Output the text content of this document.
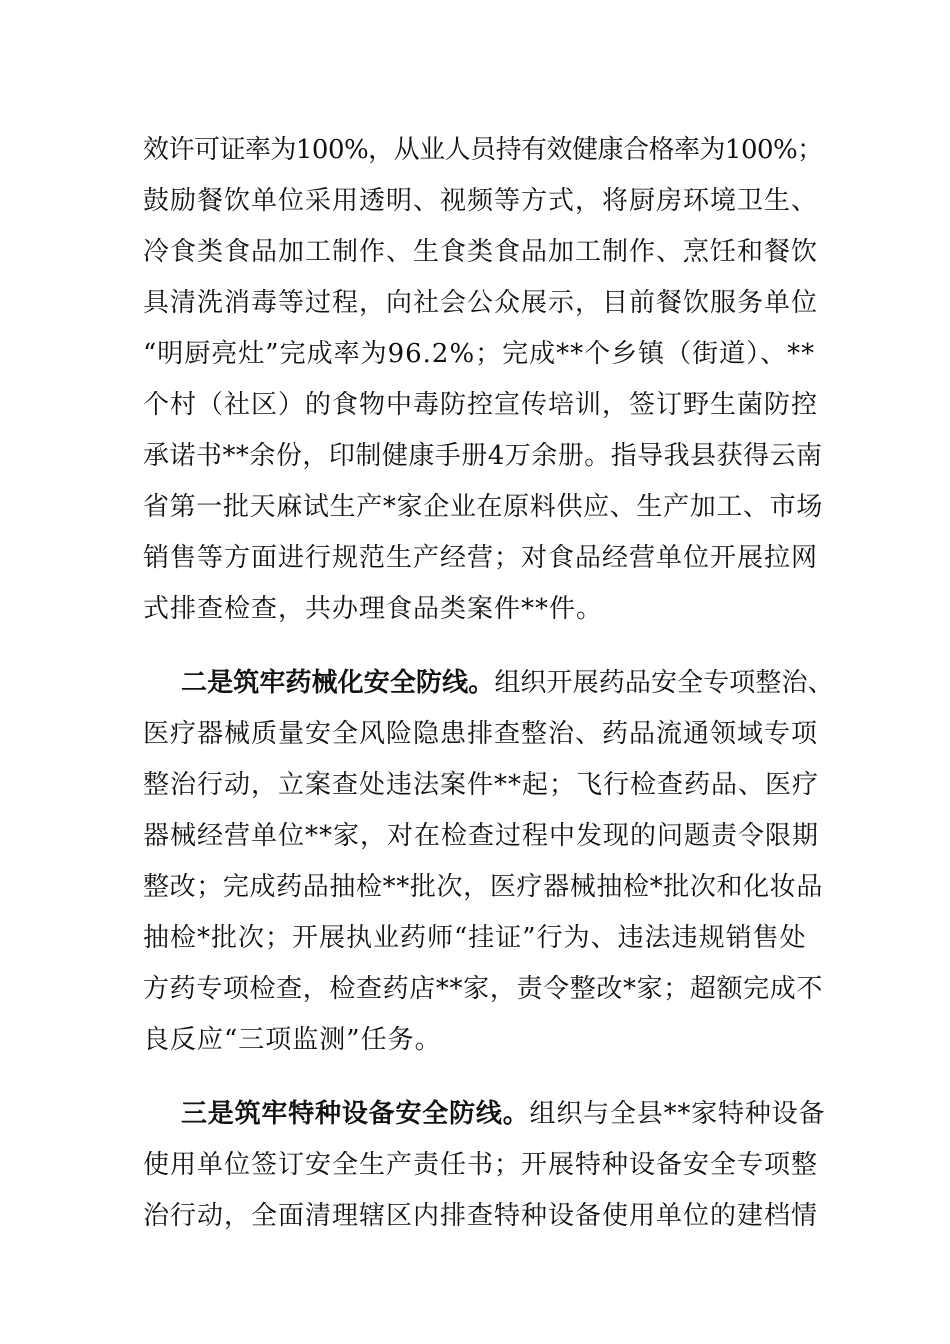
效许可证率为100%，从业人员持有效健康合格率为100%；
鼓励餐饮单位采用透明、视频等方式，将厨房环境卫生、
冷食类食品加工制作、生食类食品加工制作、烹饪和餐饮
具清洗消毒等过程，向社会公众展示，目前餐饮服务单位
“明厨亮灶”完成率为96.2%；完成**个乡镇（街道）、**
个村（社区）的食物中毒防控宣传培训，签订野生菌防控
承诺书**余份，印制健康手册4万余册。指导我县获得云南
省第一批天麻试生产*家企业在原料供应、生产加工、市场
销售等方面进行规范生产经营；对食品经营单位开展拉网
式排查检查，共办理食品类案件**件。
二是筑牢药械化安全防线。组织开展药品安全专项整治、
医疗器械质量安全风险隐患排查整治、药品流通领域专项
整治行动，立案查处违法案件**起；飞行检查药品、医疗
器械经营单位**家，对在检查过程中发现的问题责令限期
整改；完成药品抽检**批次，医疗器械抽检*批次和化妆品
抽检*批次；开展执业药师“挂证”行为、违法违规销售处
方药专项检查，检查药店**家，责令整改*家；超额完成不
良反应“三项监测”任务。
三是筑牢特种设备安全防线。组织与全县**家特种设备
使用单位签订安全生产责任书；开展特种设备安全专项整
治行动，全面清理辖区内排查特种设备使用单位的建档情
